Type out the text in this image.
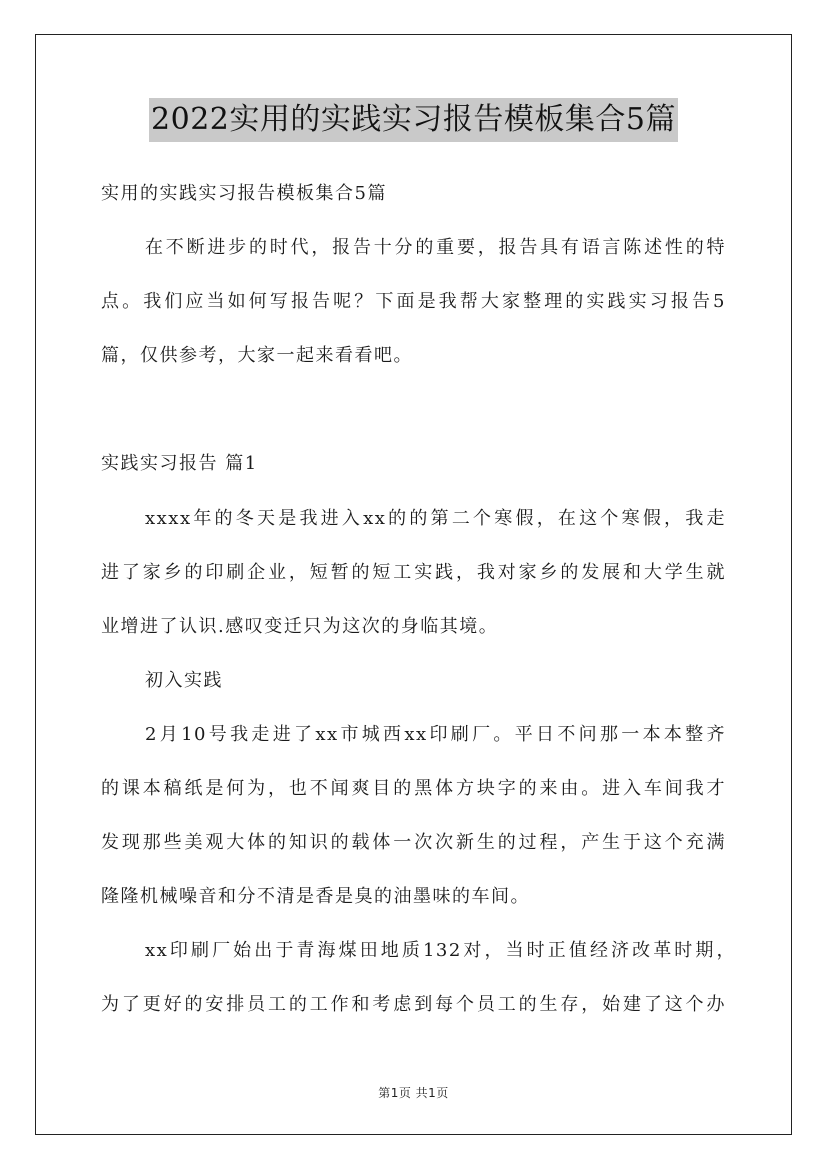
2022实用的实践实习报告模板集合5篇
实用的实践实习报告模板集合5篇
在不断进步的时代，报告十分的重要，报告具有语言陈述性的特
点。我们应当如何写报告呢？下面是我帮大家整理的实践实习报告5
篇，仅供参考，大家一起来看看吧。
实践实习报告 篇1
xxxx年的冬天是我进入xx的的第二个寒假，在这个寒假，我走
进了家乡的印刷企业，短暂的短工实践，我对家乡的发展和大学生就
业增进了认识.感叹变迁只为这次的身临其境。
初入实践
2月10号我走进了xx市城西xx印刷厂。平日不问那一本本整齐
的课本稿纸是何为，也不闻爽目的黑体方块字的来由。进入车间我才
发现那些美观大体的知识的载体一次次新生的过程，产生于这个充满
隆隆机械噪音和分不清是香是臭的油墨味的车间。
xx印刷厂始出于青海煤田地质132对，当时正值经济改革时期，
为了更好的安排员工的工作和考虑到每个员工的生存，始建了这个办
第1页 共1页
